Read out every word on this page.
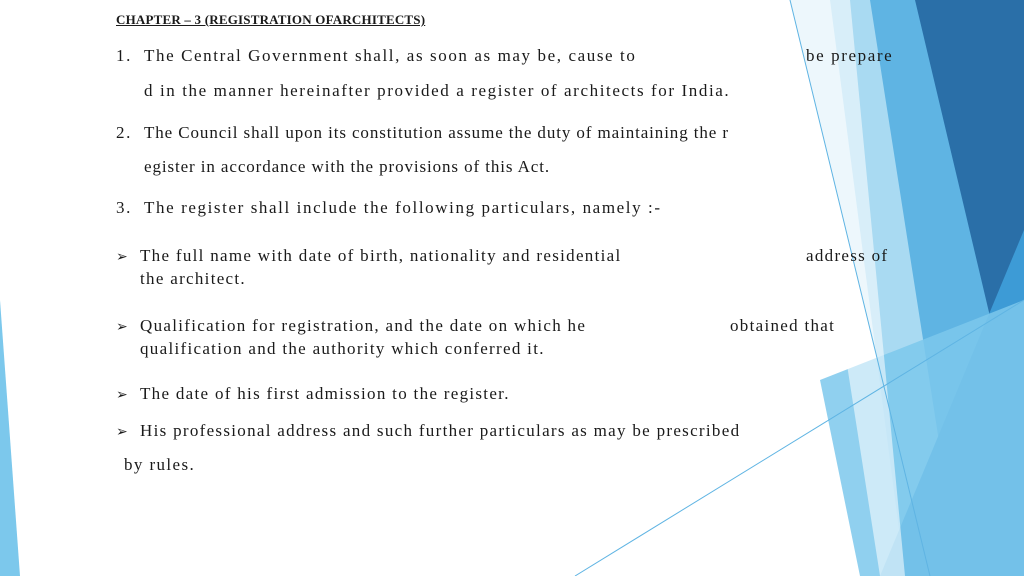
CHAPTER – 3 (REGISTRATION OFARCHITECTS)
1. The Central Government shall, as soon as may be, cause to	be prepare
d in the manner hereinafter provided a register of architects for India.
2. The Council shall upon its constitution assume the duty of maintaining the r
egister in accordance with the provisions of this Act.
3. The register shall include the following particulars, namely :-
➢ The full name with date of birth, nationality and residential	address of
the architect.
➢ Qualification for registration, and the date on which he	obtained that
qualification and the authority which conferred it.
➢ The date of his first admission to the register.
➢ His professional address and such further particulars as may be prescribed
by rules.
